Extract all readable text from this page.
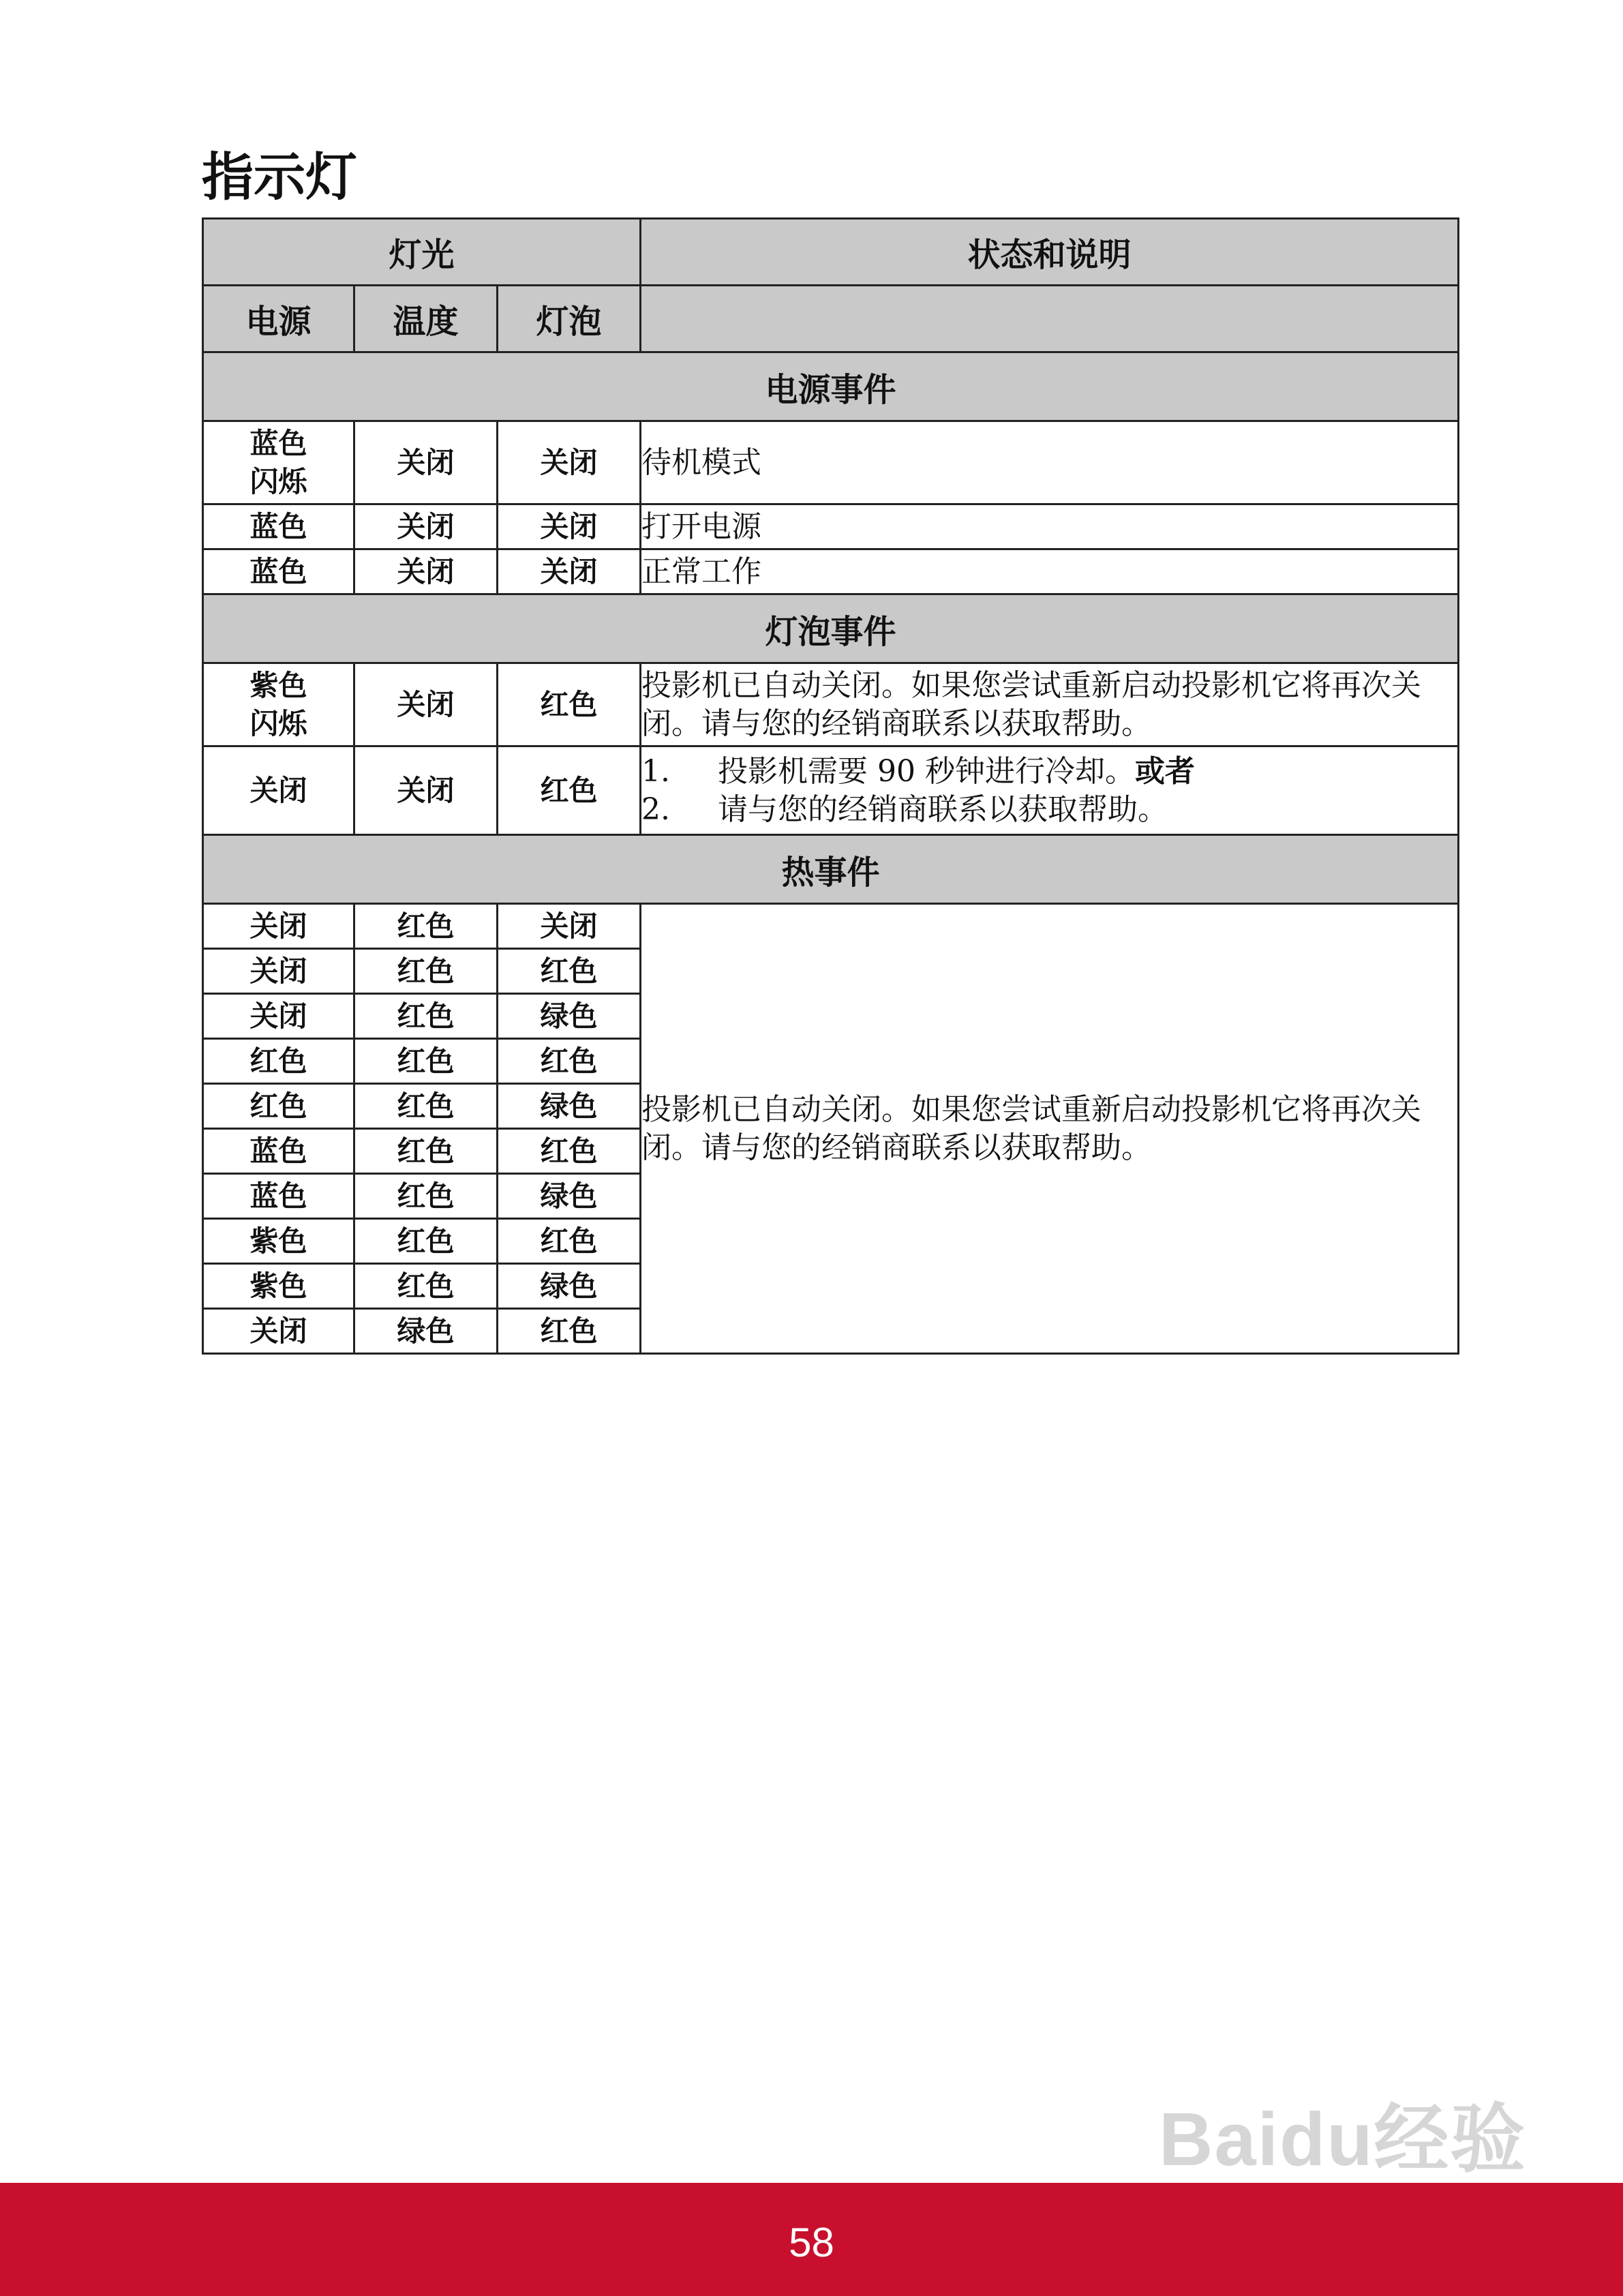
指示灯
灯光			状态和说明
电源	温度	灯泡	
电源事件			
蓝色
闪烁	关闭	关闭	待机模式
蓝色	关闭	关闭	打开电源
蓝色	关闭	关闭	正常工作
灯泡事件			
紫色
闪烁	关闭	红色	投影机已自动关闭。如果您尝试重新启动投影机它将再次关闭。请与您的经销商联系以获取帮助。
关闭	关闭	红色	1. 投影机需要 90 秒钟进行冷却。或者
2. 请与您的经销商联系以获取帮助。

热事件			
关闭	红色	关闭	投影机已自动关闭。如果您尝试重新启动投影机它将再次关闭。请与您的经销商联系以获取帮助。
关闭	红色	红色	
关闭	红色	绿色	
红色	红色	红色	
红色	红色	绿色	
蓝色	红色	红色	
蓝色	红色	绿色	
紫色	红色	红色	
紫色	红色	绿色	
关闭	绿色	红色	
Baidu经验
58
